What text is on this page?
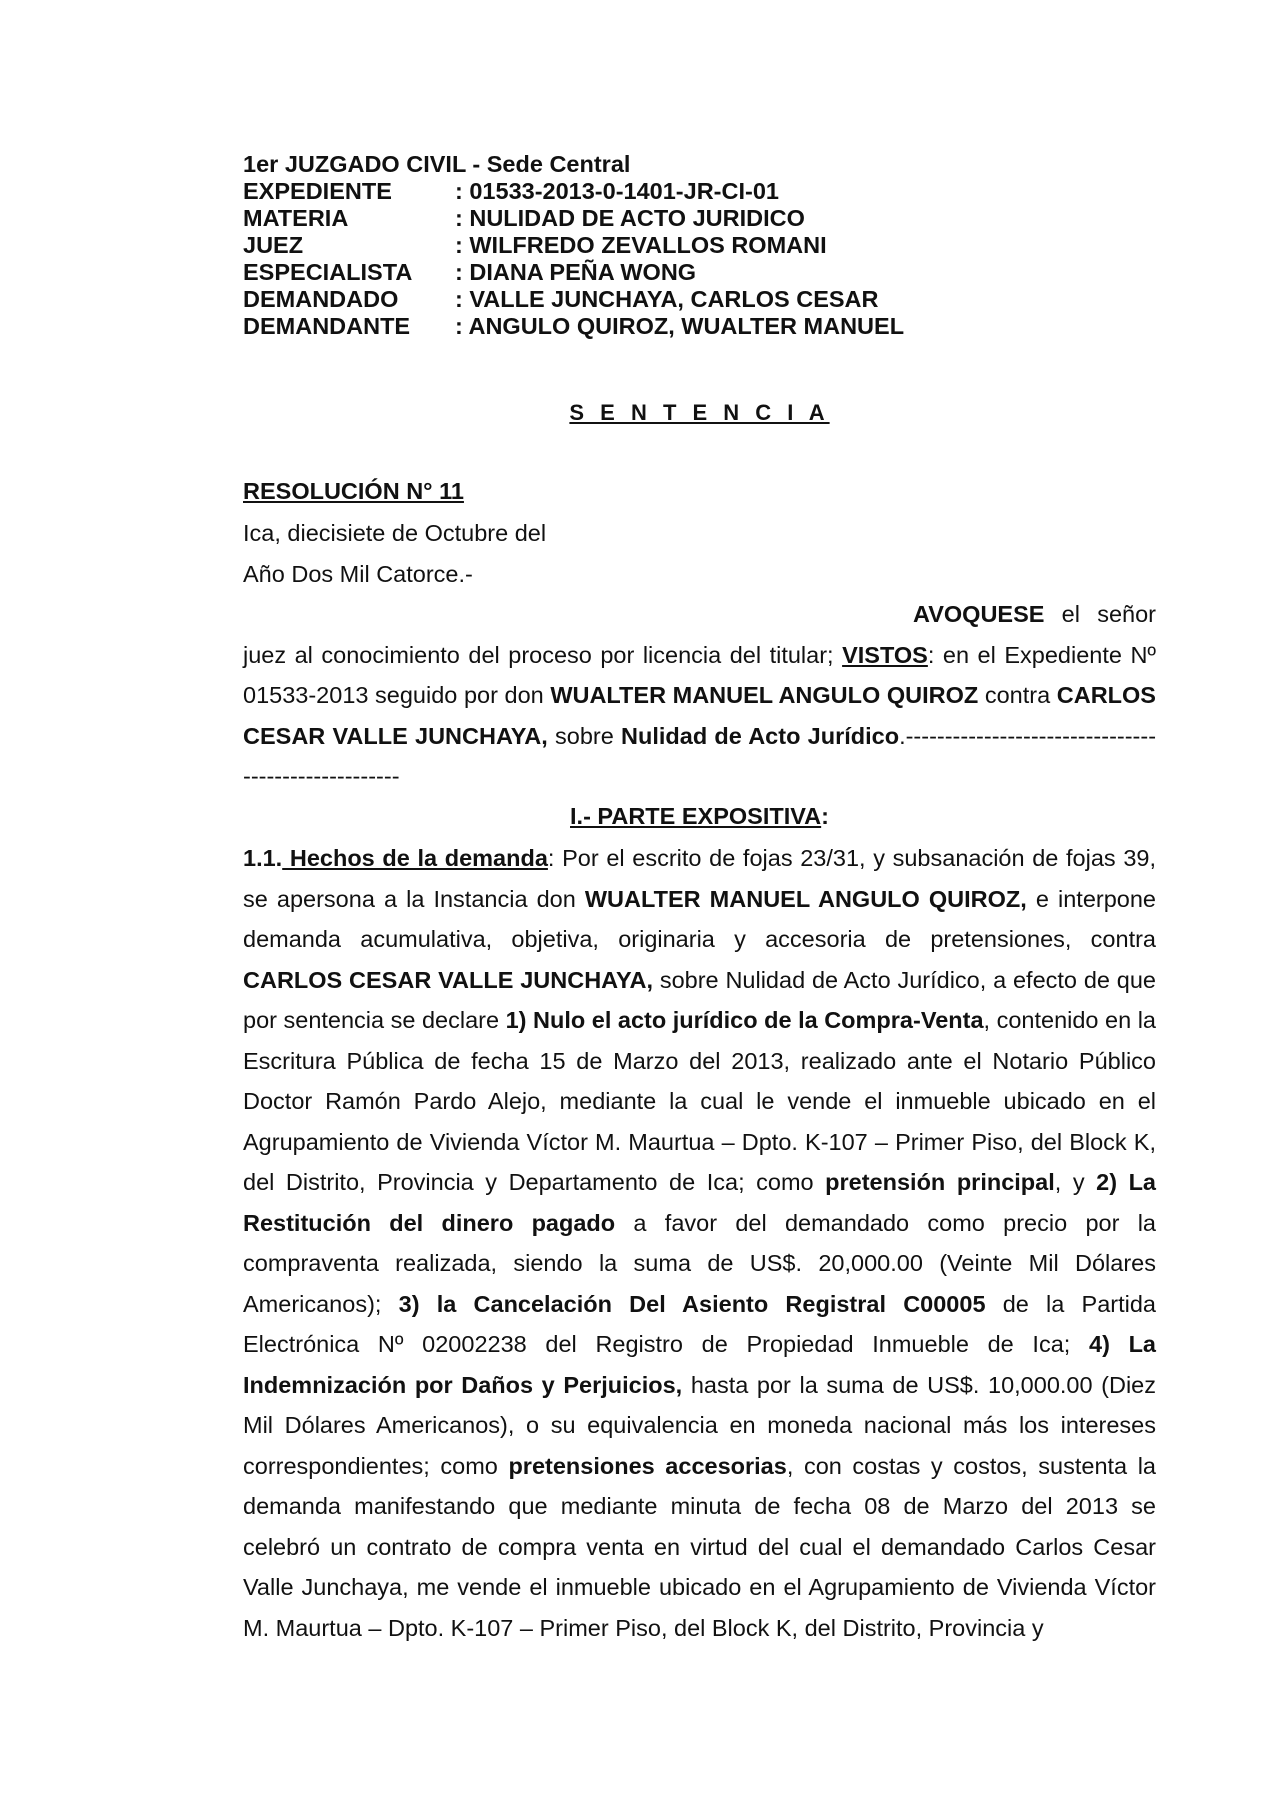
1er JUZGADO CIVIL - Sede Central
EXPEDIENTE	: 01533-2013-0-1401-JR-CI-01
MATERIA	: NULIDAD DE ACTO JURIDICO
JUEZ	: WILFREDO ZEVALLOS ROMANI
ESPECIALISTA	: DIANA PEÑA WONG
DEMANDADO	: VALLE JUNCHAYA, CARLOS CESAR
DEMANDANTE	: ANGULO QUIROZ, WUALTER MANUEL
S E N T E N C I A
RESOLUCIÓN N° 11
Ica, diecisiete de Octubre del
Año Dos Mil Catorce.-
AVOQUESE el señor juez al conocimiento del proceso por licencia del titular; VISTOS: en el Expediente Nº 01533-2013 seguido por don WUALTER MANUEL ANGULO QUIROZ contra CARLOS CESAR VALLE JUNCHAYA, sobre Nulidad de Acto Jurídico.----------------------------------------------------
I.- PARTE EXPOSITIVA:
1.1. Hechos de la demanda: Por el escrito de fojas 23/31, y subsanación de fojas 39, se apersona a la Instancia don WUALTER MANUEL ANGULO QUIROZ, e interpone demanda acumulativa, objetiva, originaria y accesoria de pretensiones, contra CARLOS CESAR VALLE JUNCHAYA, sobre Nulidad de Acto Jurídico, a efecto de que por sentencia se declare 1) Nulo el acto jurídico de la Compra-Venta, contenido en la Escritura Pública de fecha 15 de Marzo del 2013, realizado ante el Notario Público Doctor Ramón Pardo Alejo, mediante la cual le vende el inmueble ubicado en el Agrupamiento de Vivienda Víctor M. Maurtua – Dpto. K-107 – Primer Piso, del Block K, del Distrito, Provincia y Departamento de Ica; como pretensión principal, y 2) La Restitución del dinero pagado a favor del demandado como precio por la compraventa realizada, siendo la suma de US$. 20,000.00 (Veinte Mil Dólares Americanos); 3) la Cancelación Del Asiento Registral C00005 de la Partida Electrónica Nº 02002238 del Registro de Propiedad Inmueble de Ica; 4) La Indemnización por Daños y Perjuicios, hasta por la suma de US$. 10,000.00 (Diez Mil Dólares Americanos), o su equivalencia en moneda nacional más los intereses correspondientes; como pretensiones accesorias, con costas y costos, sustenta la demanda manifestando que mediante minuta de fecha 08 de Marzo del 2013 se celebró un contrato de compra venta en virtud del cual el demandado Carlos Cesar Valle Junchaya, me vende el inmueble ubicado en el Agrupamiento de Vivienda Víctor M. Maurtua – Dpto. K-107 – Primer Piso, del Block K, del Distrito, Provincia y
